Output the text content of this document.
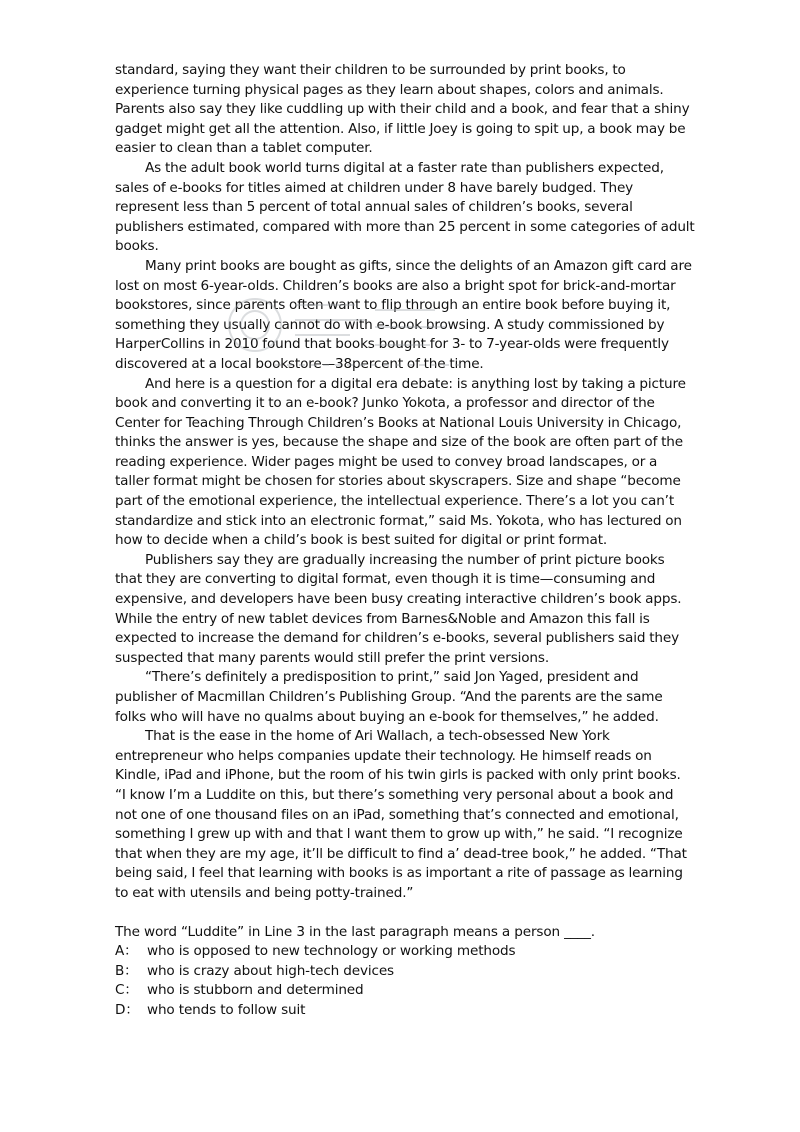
standard, saying they want their children to be surrounded by print books, to experience turning physical pages as they learn about shapes, colors and animals. Parents also say they like cuddling up with their child and a book, and fear that a shiny gadget might get all the attention. Also, if little Joey is going to spit up, a book may be easier to clean than a tablet computer.

As the adult book world turns digital at a faster rate than publishers expected, sales of e-books for titles aimed at children under 8 have barely budged. They represent less than 5 percent of total annual sales of children’s books, several publishers estimated, compared with more than 25 percent in some categories of adult books.

Many print books are bought as gifts, since the delights of an Amazon gift card are lost on most 6-year-olds. Children’s books are also a bright spot for brick-and-mortar bookstores, since parents often want to flip through an entire book before buying it, something they usually cannot do with e-book browsing. A study commissioned by HarperCollins in 2010 found that books bought for 3- to 7-year-olds were frequently discovered at a local bookstore—38percent of the time.

And here is a question for a digital era debate: is anything lost by taking a picture book and converting it to an e-book? Junko Yokota, a professor and director of the Center for Teaching Through Children’s Books at National Louis University in Chicago, thinks the answer is yes, because the shape and size of the book are often part of the reading experience. Wider pages might be used to convey broad landscapes, or a taller format might be chosen for stories about skyscrapers. Size and shape “become part of the emotional experience, the intellectual experience. There’s a lot you can’t standardize and stick into an electronic format,” said Ms. Yokota, who has lectured on how to decide when a child’s book is best suited for digital or print format.

Publishers say they are gradually increasing the number of print picture books that they are converting to digital format, even though it is time—consuming and expensive, and developers have been busy creating interactive children’s book apps. While the entry of new tablet devices from Barnes&Noble and Amazon this fall is expected to increase the demand for children’s e-books, several publishers said they suspected that many parents would still prefer the print versions.

“There’s definitely a predisposition to print,” said Jon Yaged, president and publisher of Macmillan Children’s Publishing Group. “And the parents are the same folks who will have no qualms about buying an e-book for themselves,” he added.

That is the ease in the home of Ari Wallach, a tech-obsessed New York entrepreneur who helps companies update their technology. He himself reads on Kindle, iPad and iPhone, but the room of his twin girls is packed with only print books. “I know I’m a Luddite on this, but there’s something very personal about a book and not one of one thousand files on an iPad, something that’s connected and emotional, something I grew up with and that l want them to grow up with,” he said. “I recognize that when they are my age, it’ll be difficult to find a’ dead-tree book,” he added. “That being said, I feel that learning with books is as important a rite of passage as learning to eat with utensils and being potty-trained.”

The word “Luddite” in Line 3 in the last paragraph means a person ____.

A： who is opposed to new technology or working methods
B： who is crazy about high-tech devices
C： who is stubborn and determined
D： who tends to follow suit
